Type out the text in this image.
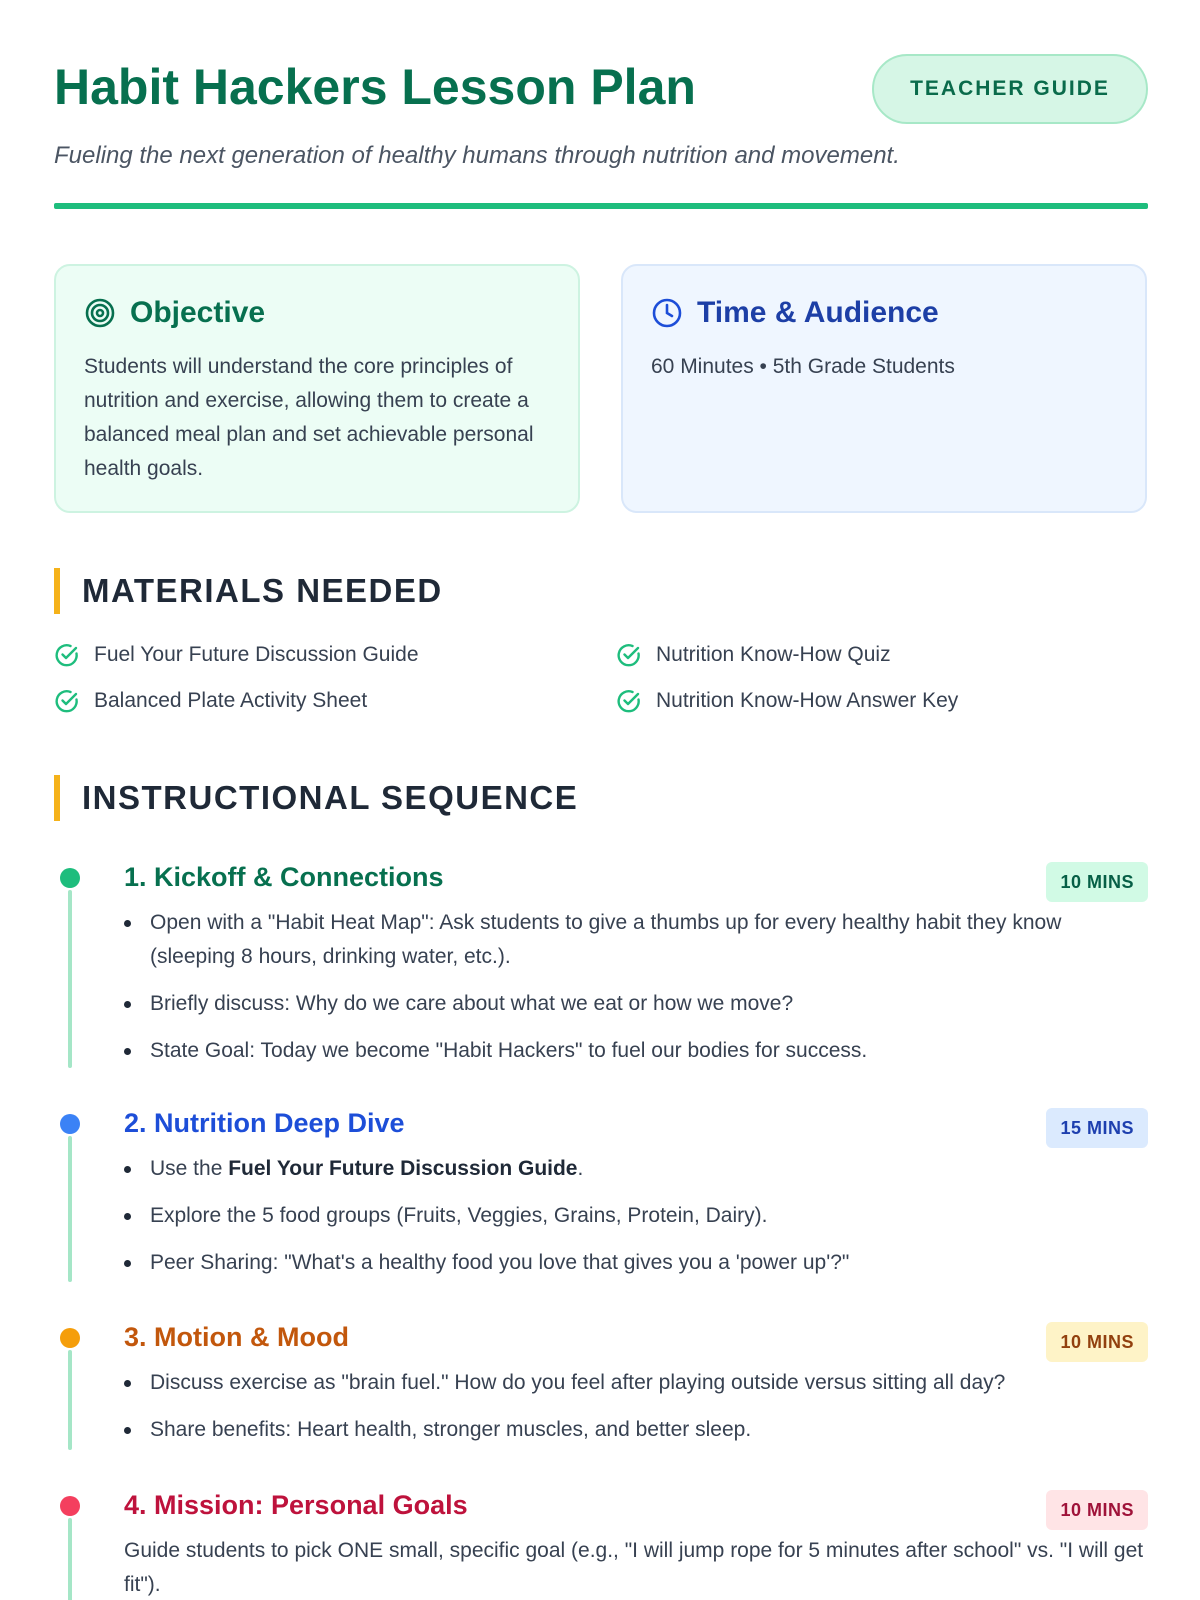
Habit Hackers Lesson Plan	TEACHER GUIDE

Fueling the next generation of healthy humans through nutrition and movement.

Objective

Students will understand the core principles of nutrition and exercise, allowing them to create a balanced meal plan and set achievable personal health goals.

Time & Audience

60 Minutes • 5th Grade Students

MATERIALS NEEDED
Fuel Your Future Discussion Guide	Nutrition Know-How Quiz
Balanced Plate Activity Sheet	Nutrition Know-How Answer Key
INSTRUCTIONAL SEQUENCE
1. Kickoff & Connections	10 MINS
Open with a "Habit Heat Map": Ask students to give a thumbs up for every healthy habit they know (sleeping 8 hours, drinking water, etc.).
Briefly discuss: Why do we care about what we eat or how we move?
State Goal: Today we become "Habit Hackers" to fuel our bodies for success.
2. Nutrition Deep Dive	15 MINS
Use the Fuel Your Future Discussion Guide.
Explore the 5 food groups (Fruits, Veggies, Grains, Protein, Dairy).
Peer Sharing: "What's a healthy food you love that gives you a 'power up'?"
3. Motion & Mood	10 MINS
Discuss exercise as "brain fuel." How do you feel after playing outside versus sitting all day?
Share benefits: Heart health, stronger muscles, and better sleep.
4. Mission: Personal Goals	10 MINS

Guide students to pick ONE small, specific goal (e.g., "I will jump rope for 5 minutes after school" vs. "I will get fit").
